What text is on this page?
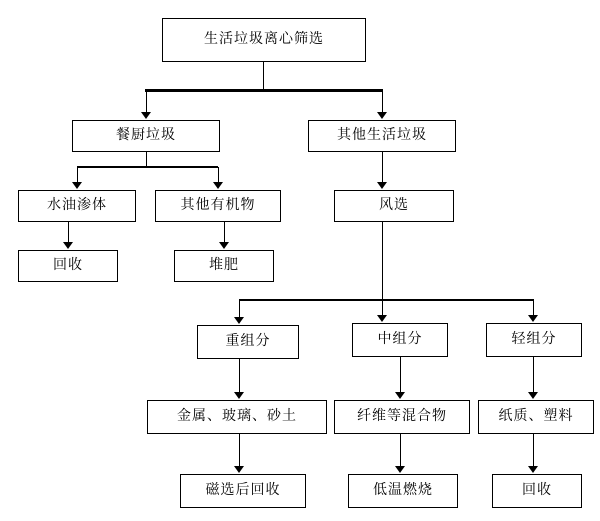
生活垃圾离心筛选
餐厨垃圾	其他生活垃圾
水油渗体	其他有机物	风选
回收	堆肥
重组分	中组分	轻组分
金属、玻璃、砂土	纤维等混合物	纸质、塑料
磁选后回收	低温燃烧	回收
